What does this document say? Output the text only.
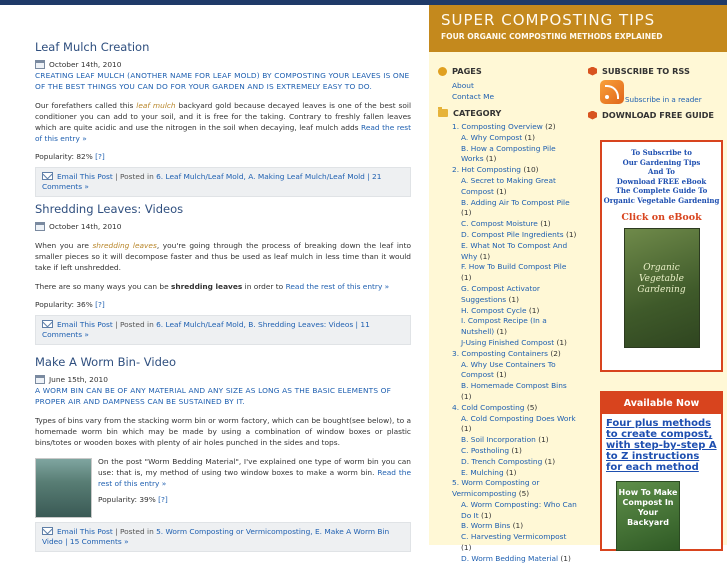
Leaf Mulch Creation
October 14th, 2010
CREATING LEAF MULCH (ANOTHER NAME FOR LEAF MOLD) BY COMPOSTING YOUR LEAVES IS ONE OF THE BEST THINGS YOU CAN DO FOR YOUR GARDEN AND IS EXTREMELY EASY TO DO.
Our forefathers called this leaf mulch backyard gold because decayed leaves is one of the best soil conditioner you can add to your soil, and it is free for the taking. Contrary to freshly fallen leaves which are quite acidic and use the nitrogen in the soil when decaying, leaf mulch adds Read the rest of this entry »
Popularity: 82% [?]
Email This Post | Posted in 6. Leaf Mulch/Leaf Mold, A. Making Leaf Mulch/Leaf Mold | 21 Comments »
Shredding Leaves: Videos
October 14th, 2010
When you are shredding leaves, you're going through the process of breaking down the leaf into smaller pieces so it will decompose faster and thus be used as leaf mulch in less time than it would take if left unshredded.
There are so many ways you can be shredding leaves in order to Read the rest of this entry »
Popularity: 36% [?]
Email This Post | Posted in 6. Leaf Mulch/Leaf Mold, B. Shredding Leaves: Videos | 11 Comments »
Make A Worm Bin- Video
June 15th, 2010
A WORM BIN CAN BE OF ANY MATERIAL AND ANY SIZE AS LONG AS THE BASIC ELEMENTS OF PROPER AIR AND DAMPNESS CAN BE SUSTAINED BY IT.
Types of bins vary from the stacking worm bin or worm factory, which can be bought(see below), to a homemade worm bin which may be made by using a combination of window boxes or plastic bins/totes or wooden boxes with plenty of air holes punched in the sides and tops.
On the post "Worm Bedding Material", I've explained one type of worm bin you can use: that is, my method of using two window boxes to make a worm bin. Read the rest of this entry »
Popularity: 39% [?]
Email This Post | Posted in 5. Worm Composting or Vermicomposting, E. Make A Worm Bin Video | 15 Comments »
SUPER COMPOSTING TIPS
FOUR ORGANIC COMPOSTING METHODS EXPLAINED
PAGES
About
Contact Me
CATEGORY
1. Composting Overview (2)
A. Why Compost (1)
B. How a Composting Pile
Works (1)
2. Hot Composting (10)
A. Secret to Making Great
Compost (1)
B. Adding Air To Compost Pile
(1)
C. Compost Moisture (1)
D. Compost Pile Ingredients (1)
E. What Not To Compost And
Why (1)
F. How To Build Compost Pile
(1)
G. Compost Activator
Suggestions (1)
H. Compost Cycle (1)
I. Compost Recipe (In a
Nutshell) (1)
J-Using Finished Compost (1)
3. Composting Containers (2)
A. Why Use Containers To
Compost (1)
B. Homemade Compost Bins (1)
4. Cold Composting (5)
A. Cold Composting Does Work
(1)
B. Soil Incorporation (1)
C. Postholing (1)
D. Trench Composting (1)
E. Mulching (1)
5. Worm Composting or
Vermicomposting (5)
A. Worm Composting: Who Can
Do It (1)
B. Worm Bins (1)
C. Harvesting Vermicompost (1)
D. Worm Bedding Material (1)
SUBSCRIBE TO RSS
Subscribe in a reader
DOWNLOAD FREE GUIDE
To Subscribe to
Our Gardening Tips
And To
Download FREE eBook
The Complete Guide To
Organic Vegetable Gardening
Click on eBook
Organic Vegetable Gardening
Available Now
Four plus methods to create compost, with step-by-step A to Z instructions for each method
How To Make Compost In Your Backyard
